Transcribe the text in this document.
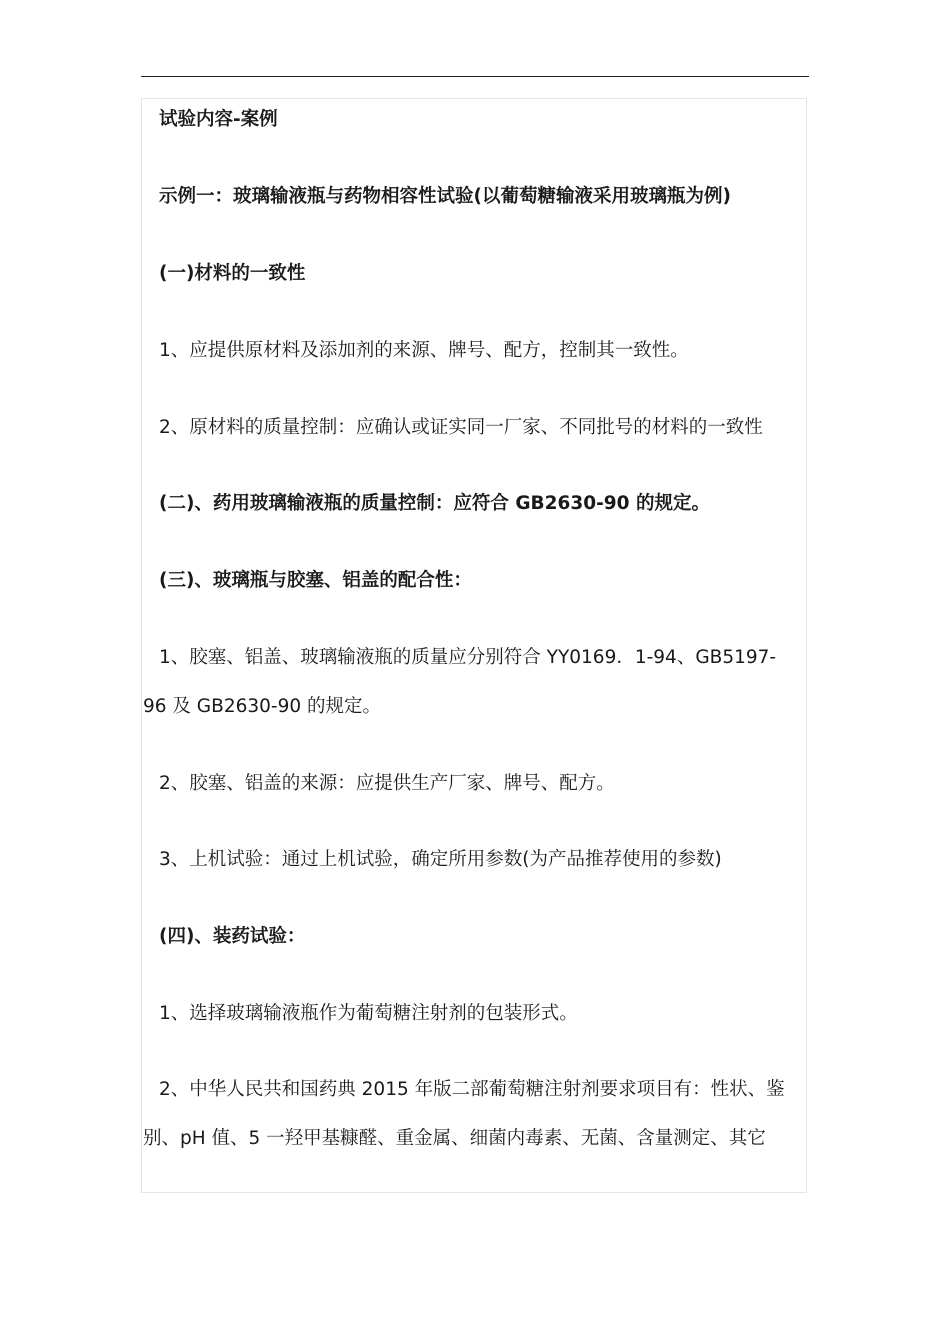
试验内容-案例
示例一：玻璃输液瓶与药物相容性试验(以葡萄糖输液采用玻璃瓶为例)
(一)材料的一致性
1、应提供原材料及添加剂的来源、牌号、配方，控制其一致性。
2、原材料的质量控制：应确认或证实同一厂家、不同批号的材料的一致性
(二)、药用玻璃输液瓶的质量控制：应符合 GB2630-90 的规定。
(三)、玻璃瓶与胶塞、铝盖的配合性：
1、胶塞、铝盖、玻璃输液瓶的质量应分别符合 YY0169．1-94、GB5197-
96 及 GB2630-90 的规定。
2、胶塞、铝盖的来源：应提供生产厂家、牌号、配方。
3、上机试验：通过上机试验，确定所用参数(为产品推荐使用的参数)
(四)、装药试验：
1、选择玻璃输液瓶作为葡萄糖注射剂的包装形式。
2、中华人民共和国药典 2015 年版二部葡萄糖注射剂要求项目有：性状、鉴
别、pH 值、5 一羟甲基糠醛、重金属、细菌内毒素、无菌、含量测定、其它
